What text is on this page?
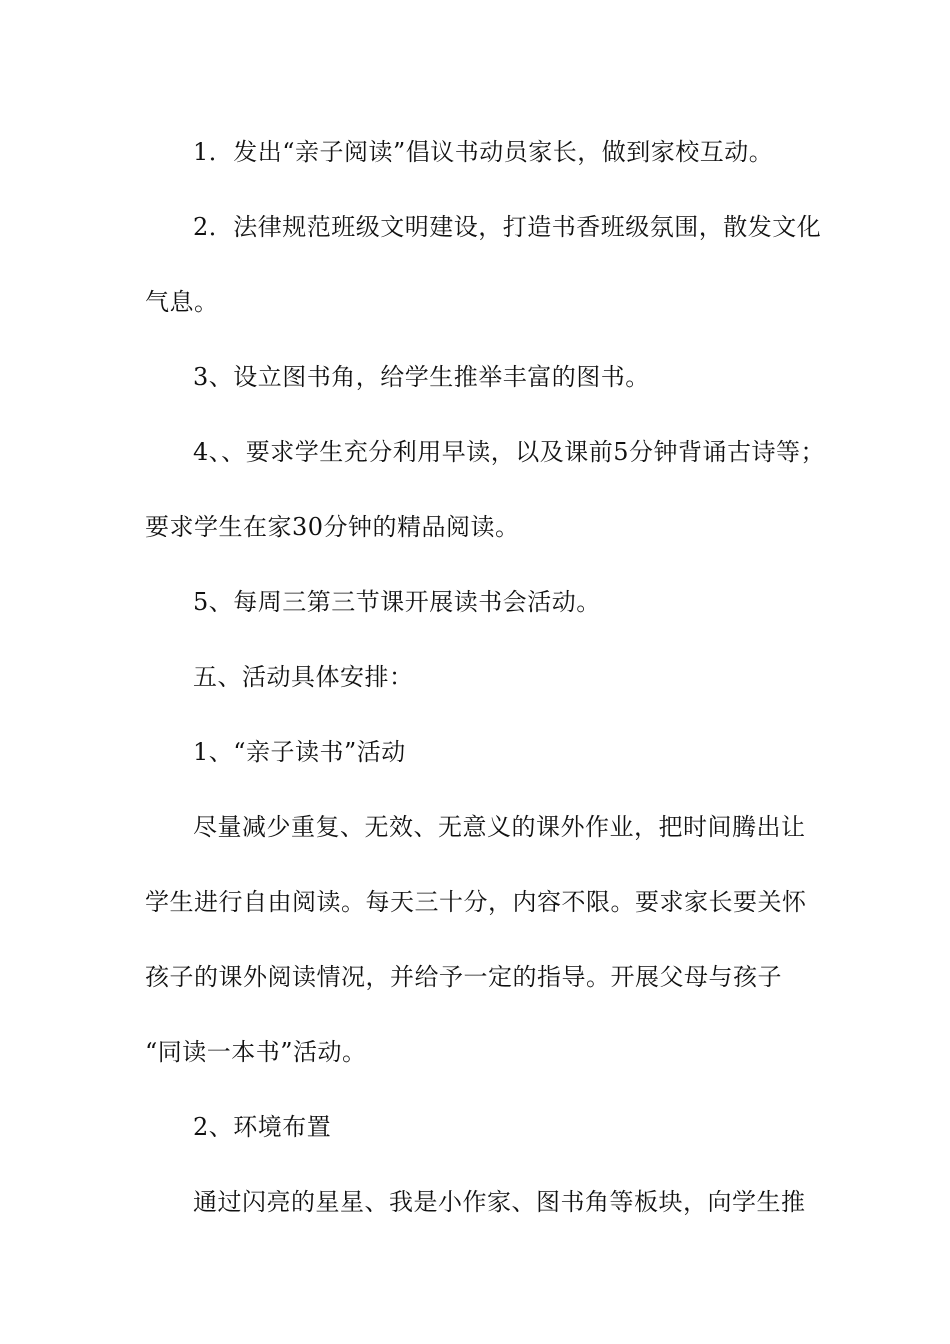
1．发出“亲子阅读”倡议书动员家长，做到家校互动。
2．法律规范班级文明建设，打造书香班级氛围，散发文化
气息。
3、设立图书角，给学生推举丰富的图书。
4、、要求学生充分利用早读，以及课前5分钟背诵古诗等；
要求学生在家30分钟的精品阅读。
5、每周三第三节课开展读书会活动。
五、活动具体安排：
1、“亲子读书”活动
尽量减少重复、无效、无意义的课外作业，把时间腾出让
学生进行自由阅读。每天三十分，内容不限。要求家长要关怀
孩子的课外阅读情况，并给予一定的指导。开展父母与孩子
“同读一本书”活动。
2、环境布置
通过闪亮的星星、我是小作家、图书角等板块，向学生推
